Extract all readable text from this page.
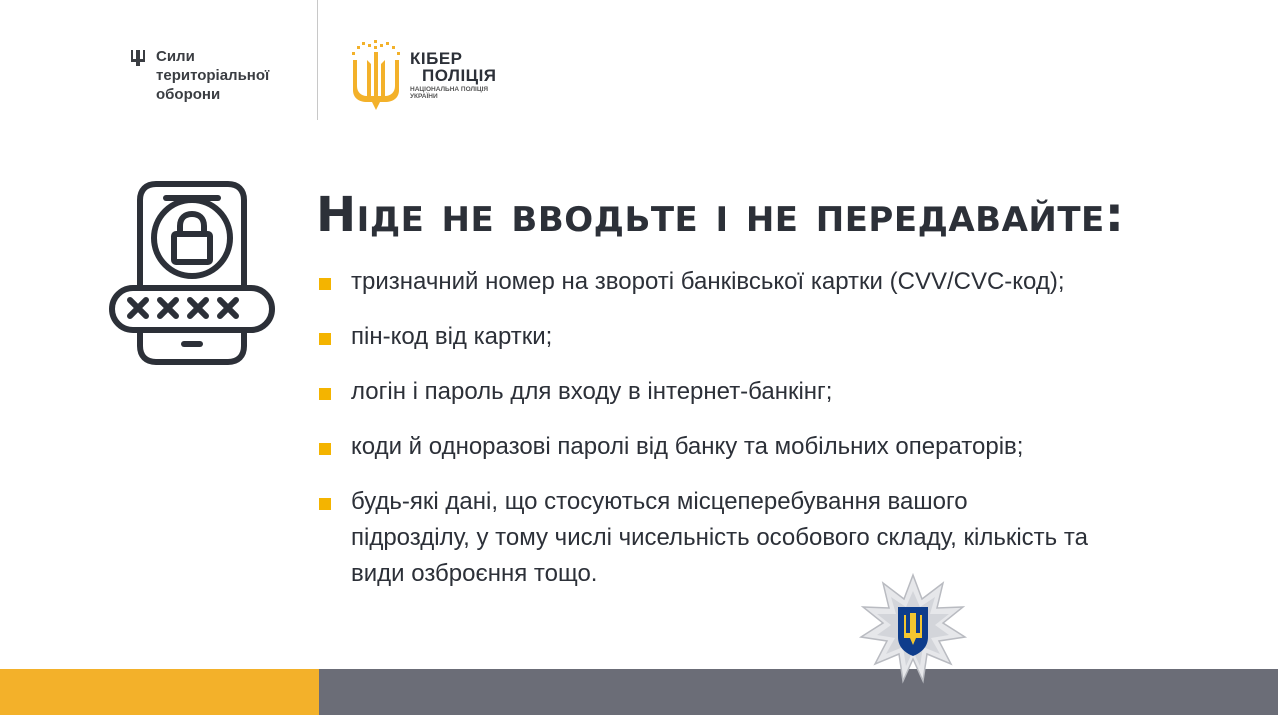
Сили
територіальної
оборони
КІБЕР
ПОЛІЦІЯ
НАЦІОНАЛЬНА ПОЛІЦІЯ
УКРАЇНИ
Ніде не вводьте і не передавайте:
тризначний номер на звороті банківської картки (CVV/CVC-код);
пін-код від картки;
логін і пароль для входу в інтернет-банкінг;
коди й одноразові паролі від банку та мобільних операторів;
будь-які дані, що стосуються місцеперебування вашого підрозділу, у тому числі чисельність особового складу, кількість та види озброєння тощо.
Національна
поліція України
